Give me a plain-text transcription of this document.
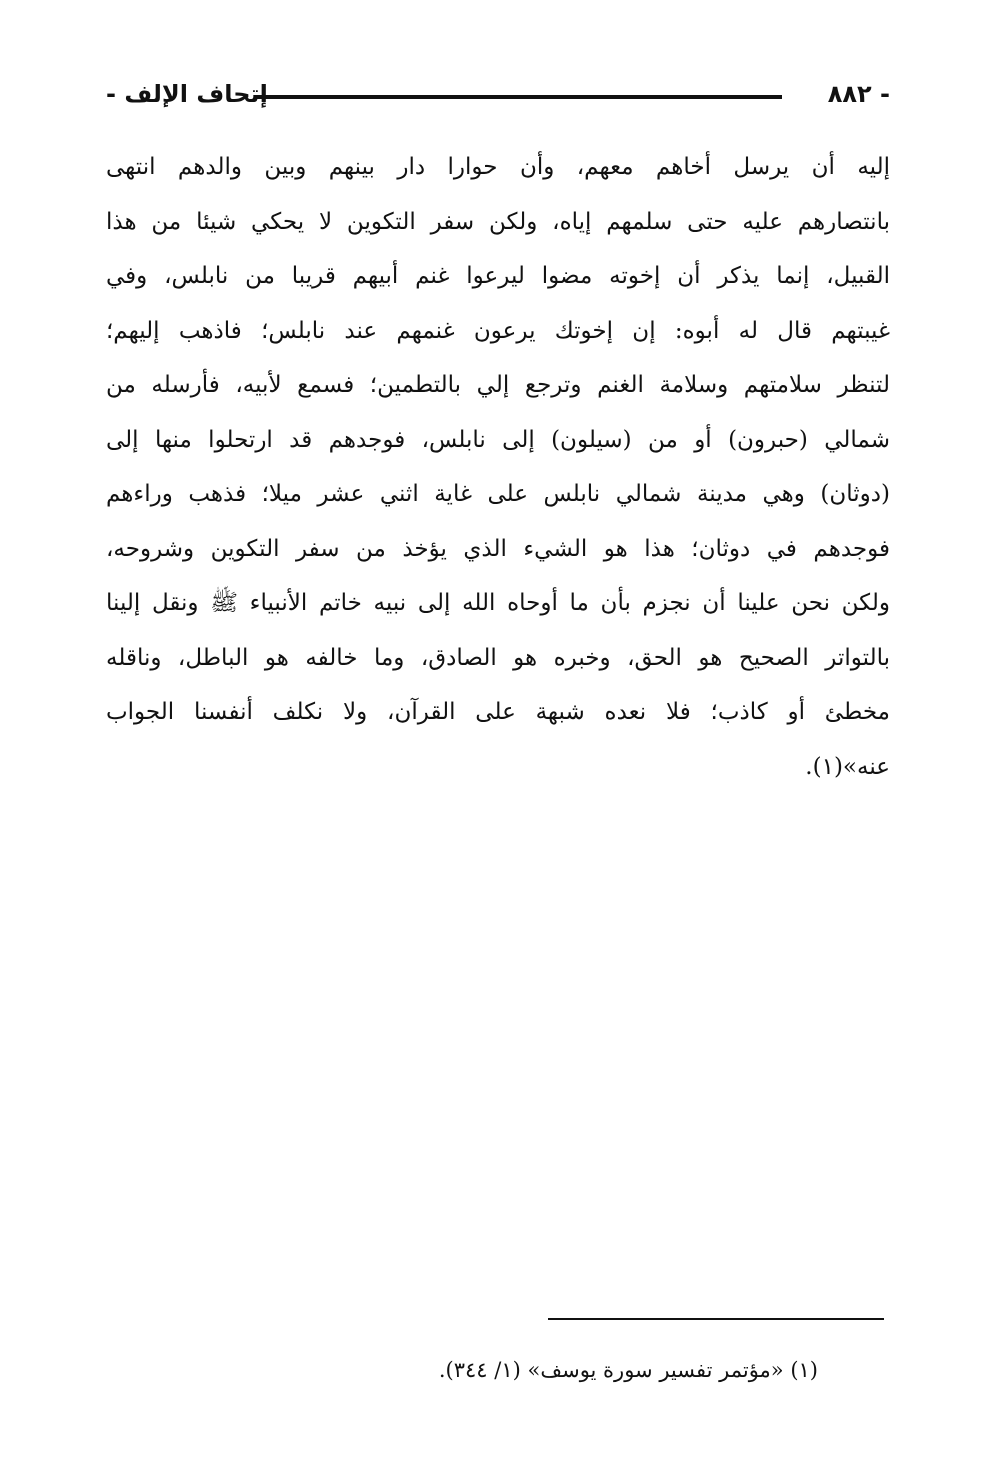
- ٨٨٢
إتحاف الإلف -
إليه أن يرسل أخاهم معهم، وأن حوارا دار بينهم وبين والدهم انتهى
بانتصارهم عليه حتى سلمهم إياه، ولكن سفر التكوين لا يحكي شيئا من هذا
القبيل، إنما يذكر أن إخوته مضوا ليرعوا غنم أبيهم قريبا من نابلس، وفي
غيبتهم قال له أبوه: إن إخوتك يرعون غنمهم عند نابلس؛ فاذهب إليهم؛
لتنظر سلامتهم وسلامة الغنم وترجع إلي بالتطمين؛ فسمع لأبيه، فأرسله من
شمالي (حبرون) أو من (سيلون) إلى نابلس، فوجدهم قد ارتحلوا منها إلى
(دوثان) وهي مدينة شمالي نابلس على غاية اثني عشر ميلا؛ فذهب وراءهم
فوجدهم في دوثان؛ هذا هو الشيء الذي يؤخذ من سفر التكوين وشروحه،
ولكن نحن علينا أن نجزم بأن ما أوحاه الله إلى نبيه خاتم الأنبياء ﷺ ونقل إلينا
بالتواتر الصحيح هو الحق، وخبره هو الصادق، وما خالفه هو الباطل، وناقله
مخطئ أو كاذب؛ فلا نعده شبهة على القرآن، ولا نكلف أنفسنا الجواب
عنه»(١).
(١) «مؤتمر تفسير سورة يوسف» (١/ ٣٤٤).
